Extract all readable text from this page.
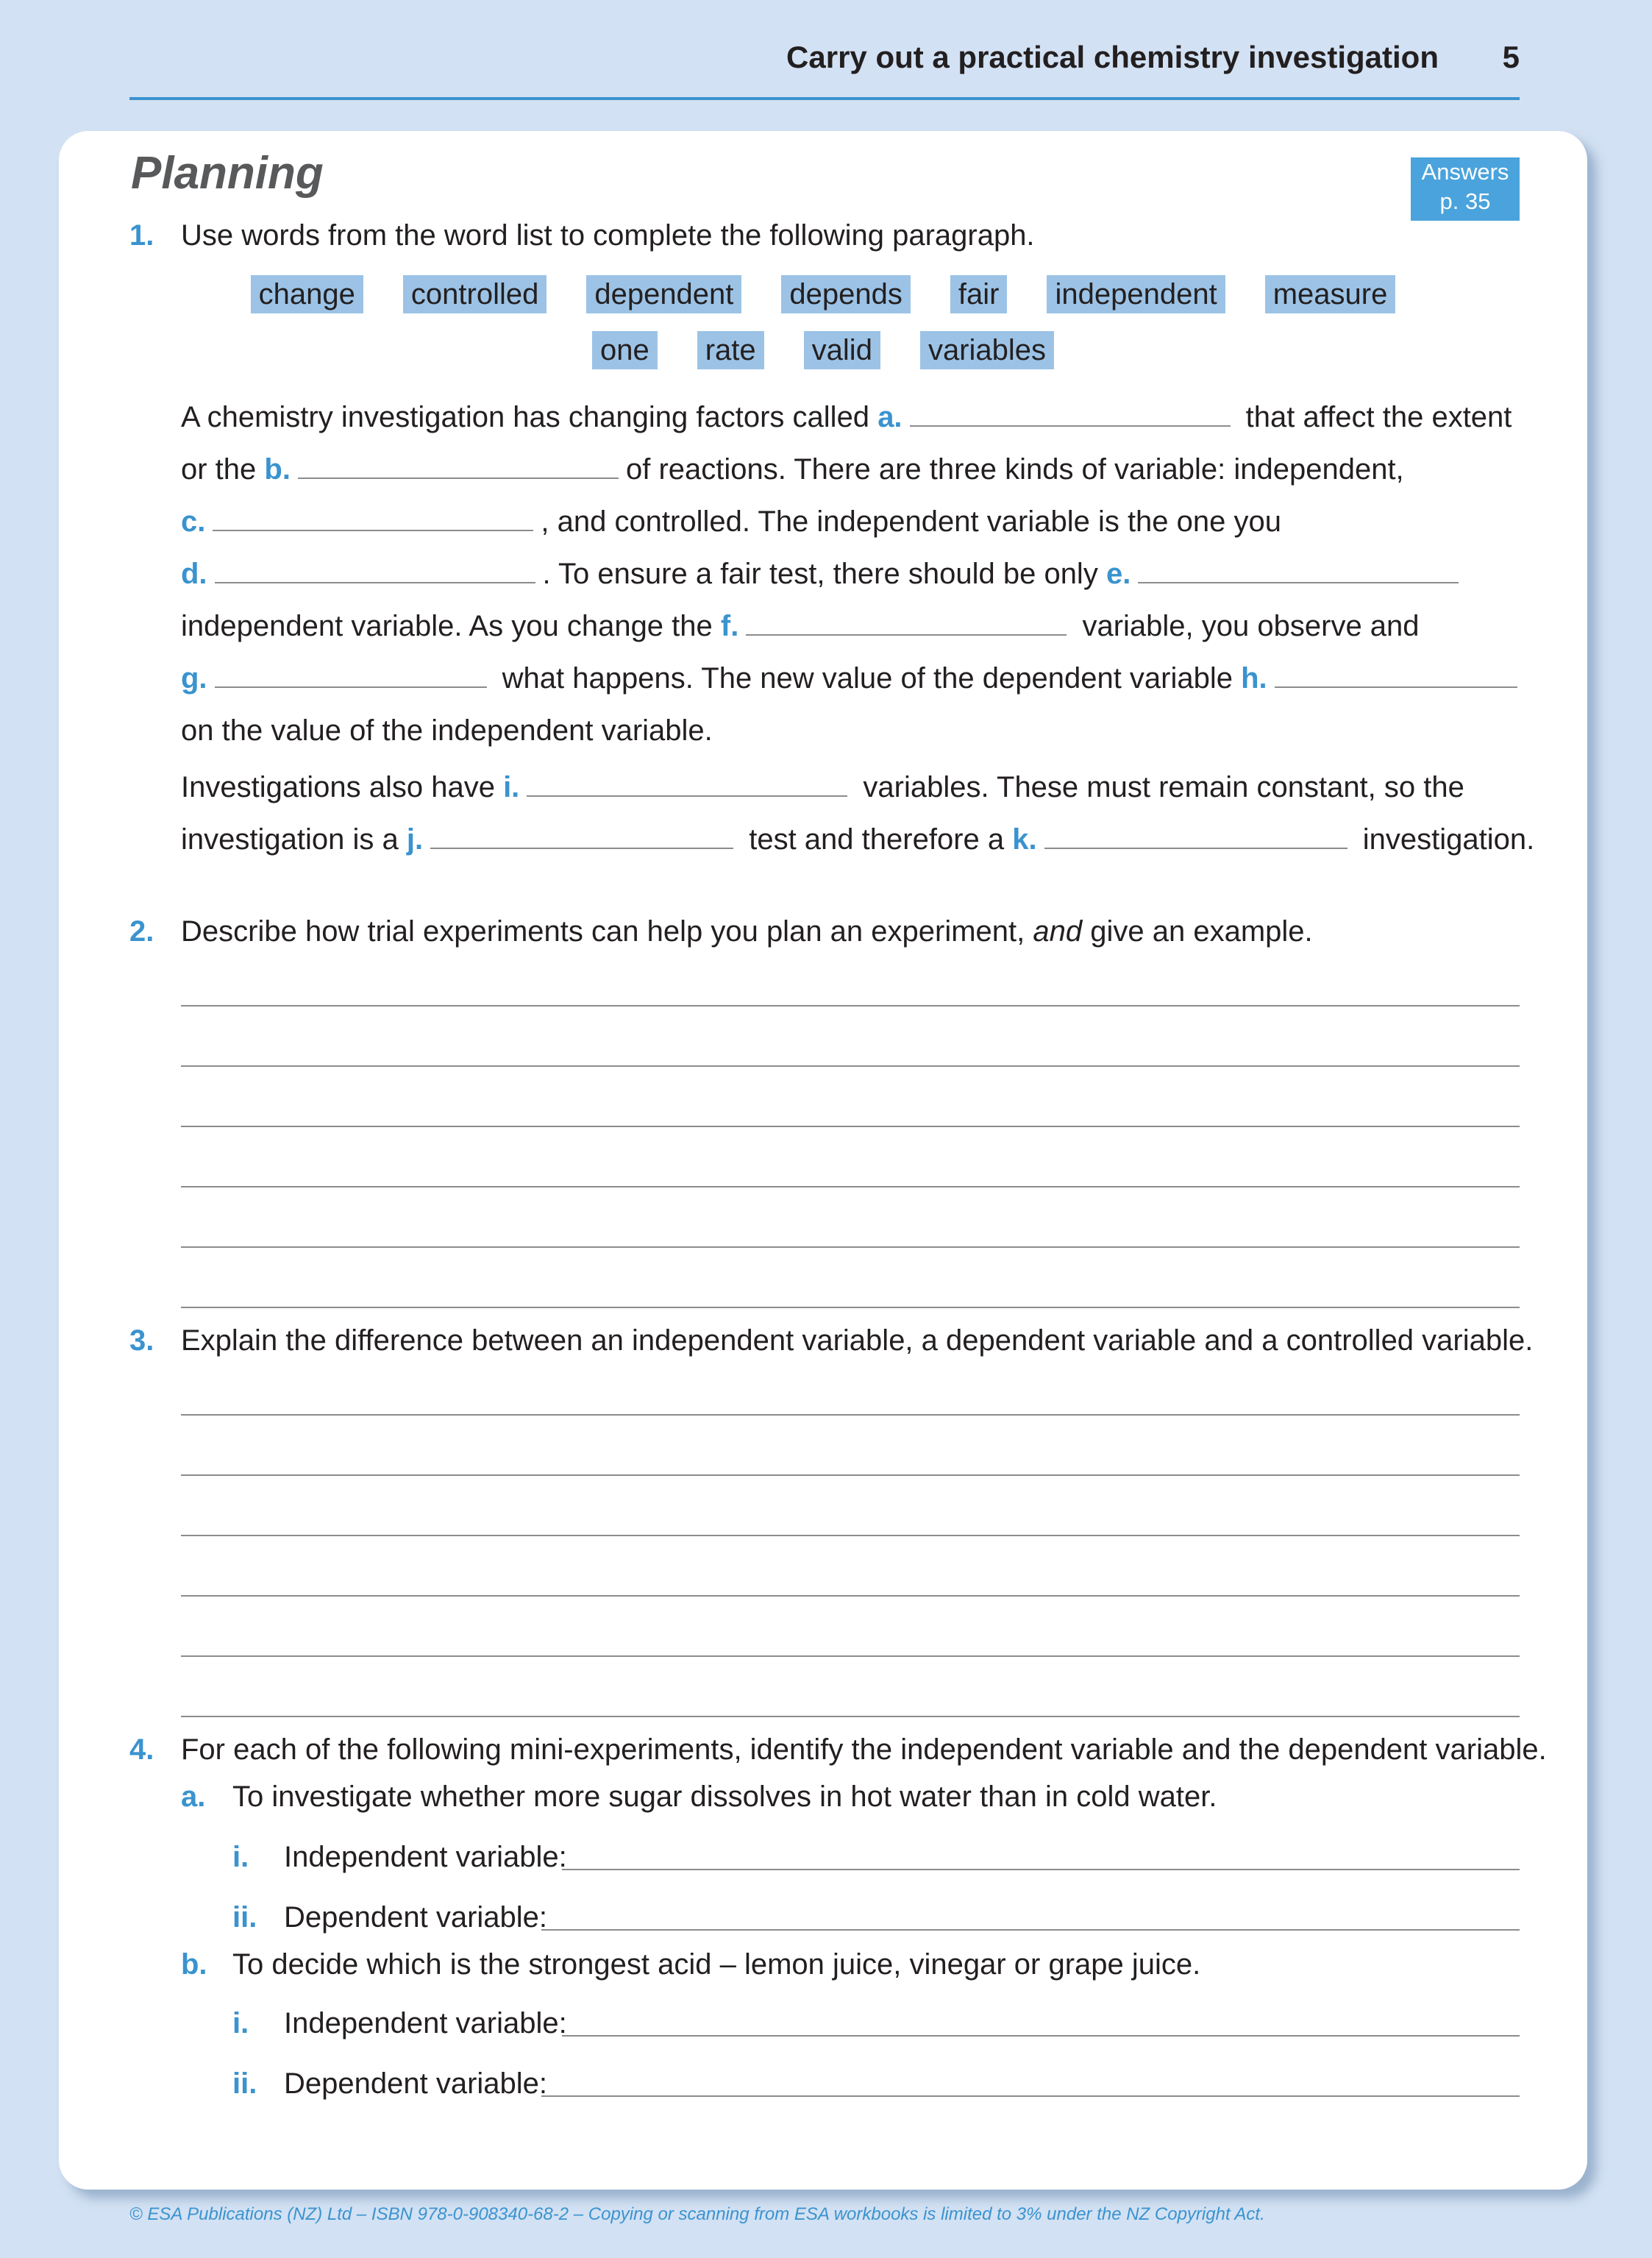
Carry out a practical chemistry investigation 5
Planning	Answers
p. 35
1. Use words from the word list to complete the following paragraph.
change controlled dependent depends fair independent measure
one rate valid variables
A chemistry investigation has changing factors called a.	that affect the extent
or the b.	of reactions. There are three kinds of variable: independent,
c.	, and controlled. The independent variable is the one you
d.	. To ensure a fair test, there should be only e.
independent variable. As you change the f.	variable, you observe and
g.	what happens. The new value of the dependent variable h.
on the value of the independent variable.
Investigations also have i.	variables. These must remain constant, so the
investigation is a j.	test and therefore a k.	investigation.
2. Describe how trial experiments can help you plan an experiment, and give an example.
3. Explain the difference between an independent variable, a dependent variable and a controlled variable.
4. For each of the following mini-experiments, identify the independent variable and the dependent variable.
a. To investigate whether more sugar dissolves in hot water than in cold water.
i. Independent variable:
ii. Dependent variable:
b. To decide which is the strongest acid – lemon juice, vinegar or grape juice.
i. Independent variable:
ii. Dependent variable:
© ESA Publications (NZ) Ltd – ISBN 978-0-908340-68-2 – Copying or scanning from ESA workbooks is limited to 3% under the NZ Copyright Act.
